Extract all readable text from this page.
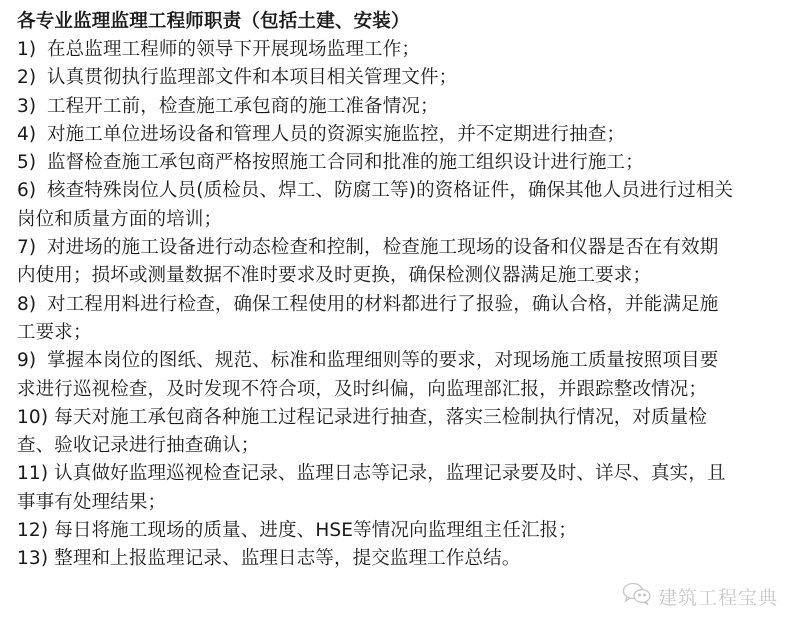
各专业监理监理工程师职责（包括土建、安装）
1) 在总监理工程师的领导下开展现场监理工作；
2) 认真贯彻执行监理部文件和本项目相关管理文件；
3) 工程开工前，检查施工承包商的施工准备情况；
4) 对施工单位进场设备和管理人员的资源实施监控，并不定期进行抽查；
5) 监督检查施工承包商严格按照施工合同和批准的施工组织设计进行施工；
6) 核查特殊岗位人员(质检员、焊工、防腐工等)的资格证件，确保其他人员进行过相关
岗位和质量方面的培训；
7) 对进场的施工设备进行动态检查和控制，检查施工现场的设备和仪器是否在有效期
内使用；损坏或测量数据不准时要求及时更换，确保检测仪器满足施工要求；
8) 对工程用料进行检查，确保工程使用的材料都进行了报验，确认合格，并能满足施
工要求；
9) 掌握本岗位的图纸、规范、标准和监理细则等的要求，对现场施工质量按照项目要
求进行巡视检查，及时发现不符合项，及时纠偏，向监理部汇报，并跟踪整改情况；
10) 每天对施工承包商各种施工过程记录进行抽查，落实三检制执行情况，对质量检
查、验收记录进行抽查确认；
11) 认真做好监理巡视检查记录、监理日志等记录，监理记录要及时、详尽、真实，且
事事有处理结果；
12) 每日将施工现场的质量、进度、HSE等情况向监理组主任汇报；
13) 整理和上报监理记录、监理日志等，提交监理工作总结。
建筑工程宝典
